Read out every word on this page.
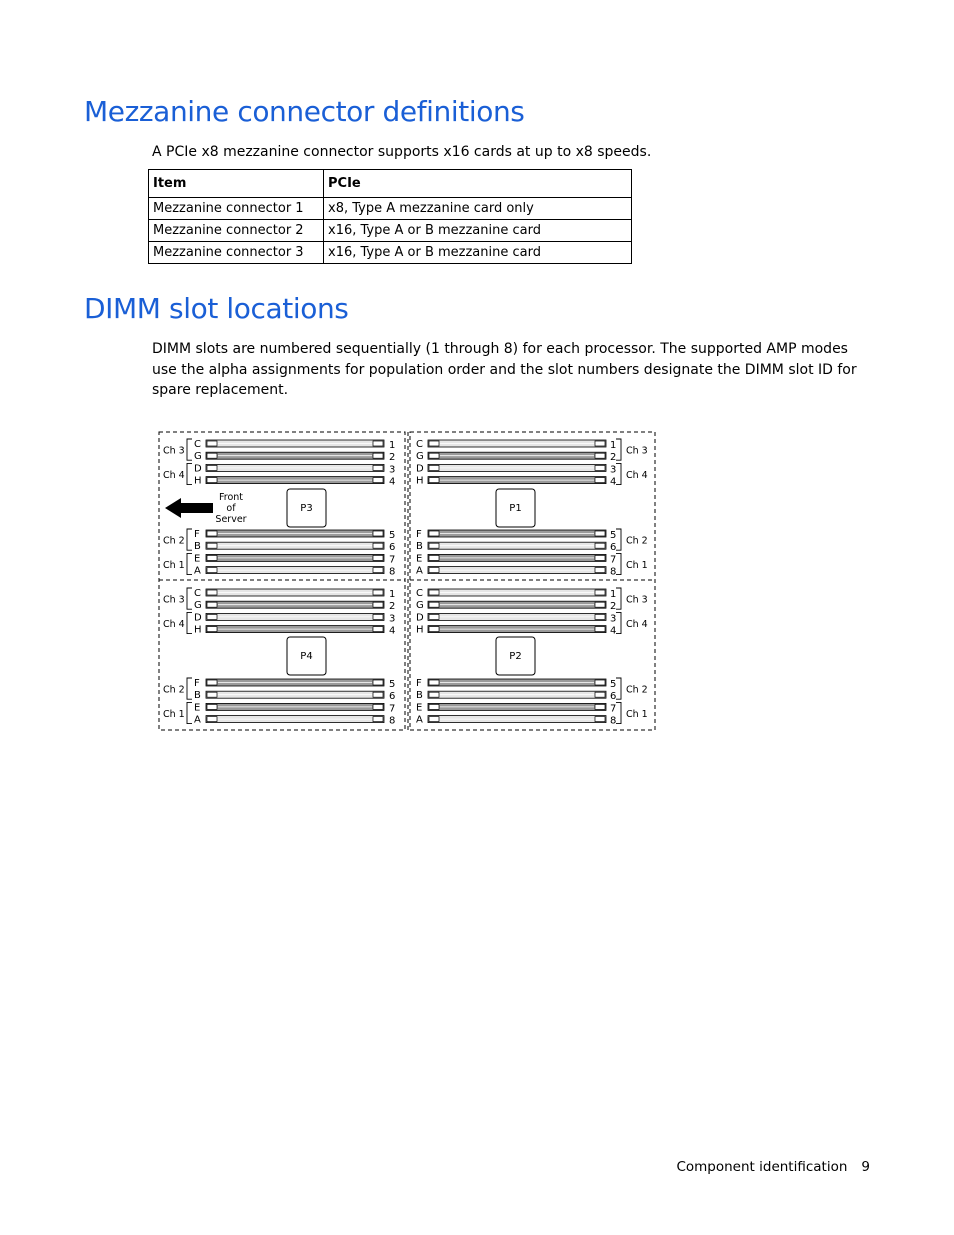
Mezzanine connector definitions
A PCIe x8 mezzanine connector supports x16 cards at up to x8 speeds.
Item	PCIe
Mezzanine connector 1	x8, Type A mezzanine card only
Mezzanine connector 2	x16, Type A or B mezzanine card
Mezzanine connector 3	x16, Type A or B mezzanine card
DIMM slot locations
DIMM slots are numbered sequentially (1 through 8) for each processor. The supported AMP modes use the alpha assignments for population order and the slot numbers designate the DIMM slot ID for spare replacement.
C	1
G	2
D	3
H	4
Ch 3
Ch 4
F	5
B	6
E	7
A	8
Ch 2
Ch 1
P3
C	1
G	2
D	3
H	4
Ch 3
Ch 4
F	5
B	6
E	7
A	8
Ch 2
Ch 1
P1
C	1
G	2
D	3
H	4
Ch 3
Ch 4
F	5
B	6
E	7
A	8
Ch 2
Ch 1
P4
C	1
G	2
D	3
H	4
Ch 3
Ch 4
F	5
B	6
E	7
A	8
Ch 2
Ch 1
P2
Front
of
Server
Component identification 9
